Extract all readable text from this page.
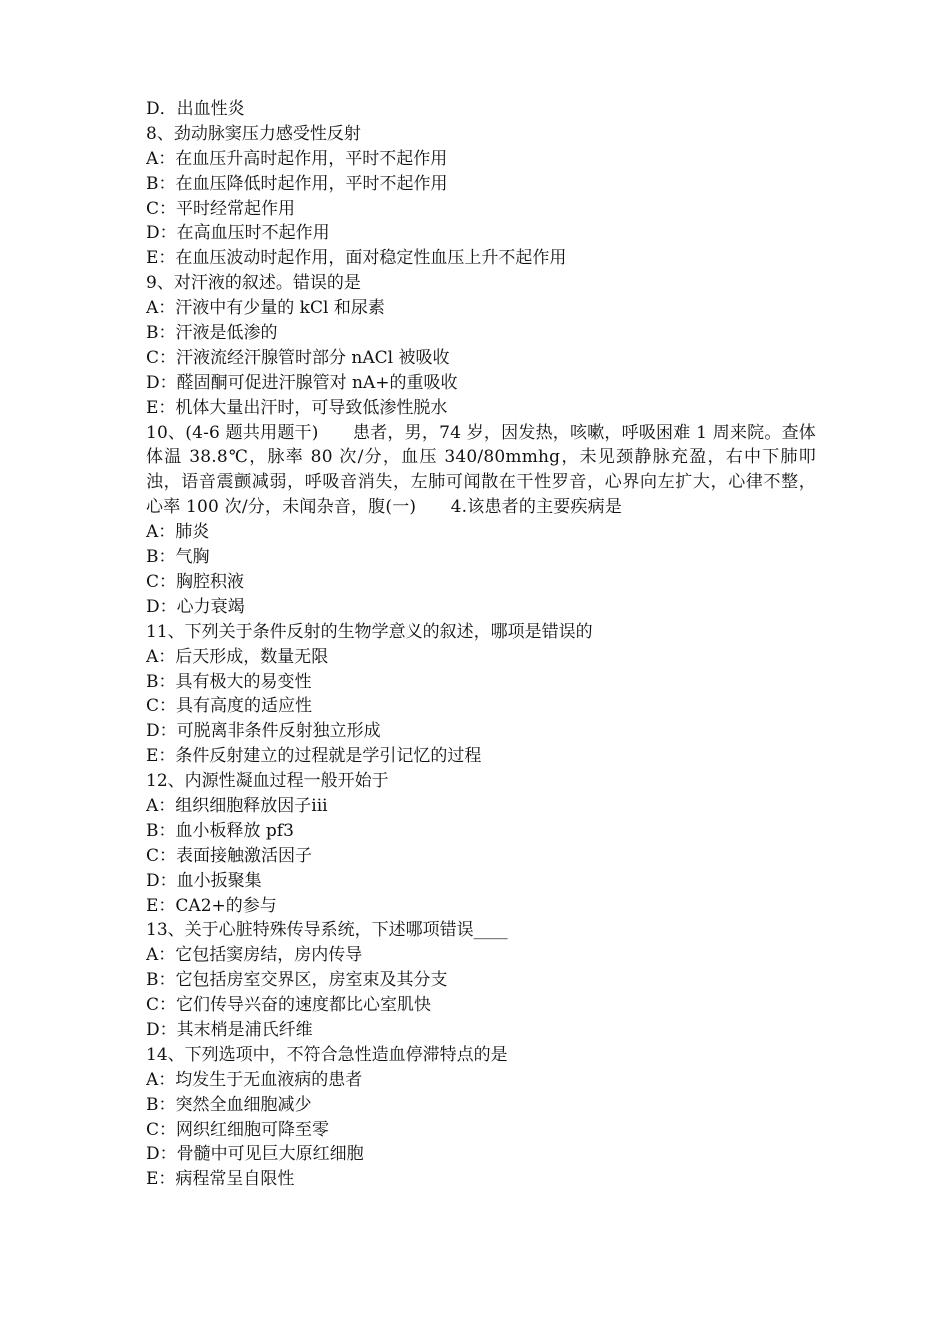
D．出血性炎
8、劲动脉窦压力感受性反射
A：在血压升高时起作用，平时不起作用
B：在血压降低时起作用，平时不起作用
C：平时经常起作用
D：在高血压时不起作用
E：在血压波动时起作用，面对稳定性血压上升不起作用
9、对汗液的叙述。错误的是
A：汗液中有少量的 kCl 和尿素
B：汗液是低渗的
C：汗液流经汗腺管时部分 nACl 被吸收
D：醛固酮可促进汗腺管对 nA+的重吸收
E：机体大量出汗时，可导致低渗性脱水
10、(4-6 题共用题干)　　患者，男，74 岁，因发热，咳嗽，呼吸困难 1 周来院。查体体温 38.8℃，脉率 80 次/分，血压 340/80mmhg，未见颈静脉充盈，右中下肺叩浊，语音震颤减弱，呼吸音消失，左肺可闻散在干性罗音，心界向左扩大，心律不整，心率 100 次/分，未闻杂音，腹(一)　　4.该患者的主要疾病是
A：肺炎
B：气胸
C：胸腔积液
D：心力衰竭
11、下列关于条件反射的生物学意义的叙述，哪项是错误的
A：后天形成，数量无限
B：具有极大的易变性
C：具有高度的适应性
D：可脱离非条件反射独立形成
E：条件反射建立的过程就是学引记忆的过程
12、内源性凝血过程一般开始于
A：组织细胞释放因子iii
B：血小板释放 pf3
C：表面接触激活因子
D：血小扳聚集
E：CA2+的参与
13、关于心脏特殊传导系统，下述哪项错误____
A：它包括窦房结，房内传导
B：它包括房室交界区，房室束及其分支
C：它们传导兴奋的速度都比心室肌快
D：其末梢是浦氏纤维
14、下列选项中，不符合急性造血停滞特点的是
A：均发生于无血液病的患者
B：突然全血细胞减少
C：网织红细胞可降至零
D：骨髓中可见巨大原红细胞
E：病程常呈自限性
